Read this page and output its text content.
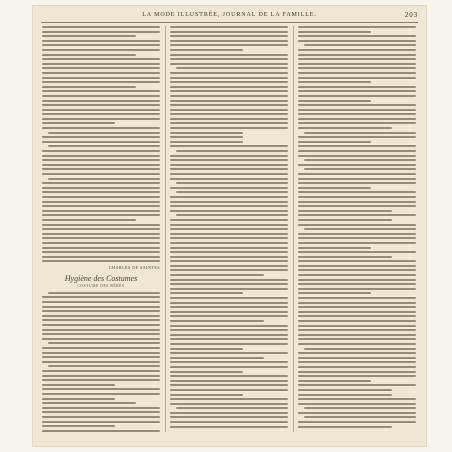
LA MODE ILLUSTRÉE, JOURNAL DE LA FAMILLE.	203
CHARLES DE SAINTES
Hygiène des Costumes
COSTUME DES BÉBÉS
